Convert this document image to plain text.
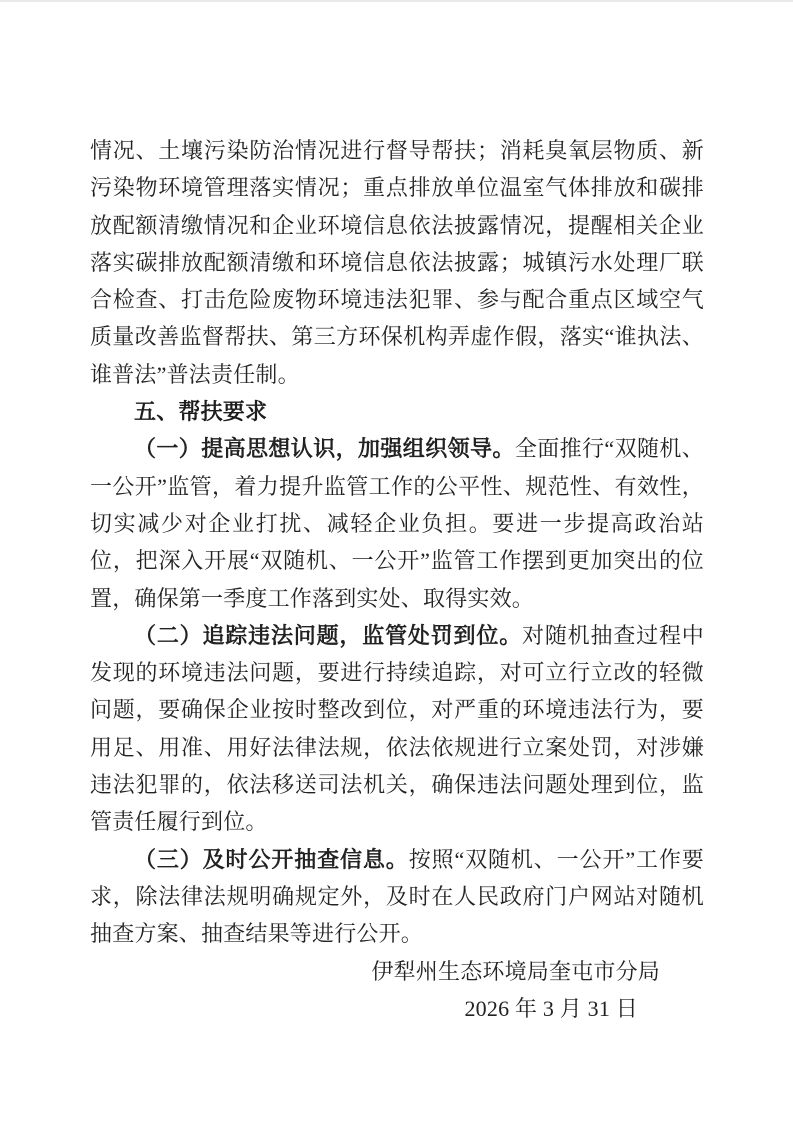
情况、土壤污染防治情况进行督导帮扶；消耗臭氧层物质、新污染物环境管理落实情况；重点排放单位温室气体排放和碳排放配额清缴情况和企业环境信息依法披露情况，提醒相关企业落实碳排放配额清缴和环境信息依法披露；城镇污水处理厂联合检查、打击危险废物环境违法犯罪、参与配合重点区域空气质量改善监督帮扶、第三方环保机构弄虚作假，落实“谁执法、谁普法”普法责任制。

五、帮扶要求

（一）提高思想认识，加强组织领导。全面推行“双随机、一公开”监管，着力提升监管工作的公平性、规范性、有效性，切实减少对企业打扰、减轻企业负担。要进一步提高政治站位，把深入开展“双随机、一公开”监管工作摆到更加突出的位置，确保第一季度工作落到实处、取得实效。

（二）追踪违法问题，监管处罚到位。对随机抽查过程中发现的环境违法问题，要进行持续追踪，对可立行立改的轻微问题，要确保企业按时整改到位，对严重的环境违法行为，要用足、用准、用好法律法规，依法依规进行立案处罚，对涉嫌违法犯罪的，依法移送司法机关，确保违法问题处理到位，监管责任履行到位。

（三）及时公开抽查信息。按照“双随机、一公开”工作要求，除法律法规明确规定外，及时在人民政府门户网站对随机抽查方案、抽查结果等进行公开。

伊犁州生态环境局奎屯市分局

2026 年 3 月 31 日
